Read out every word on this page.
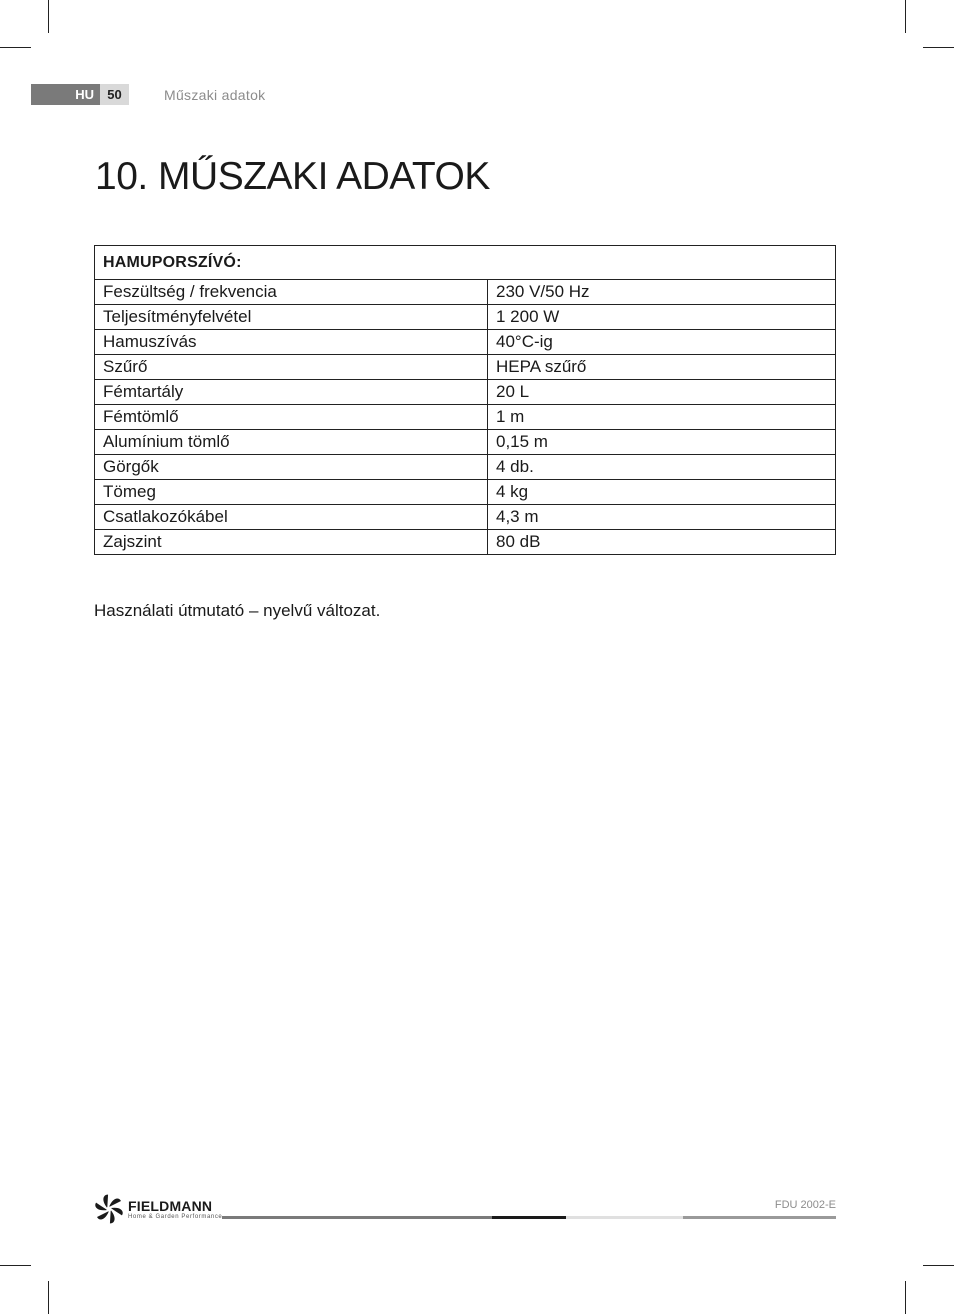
HU	50	Műszaki adatok
10. MŰSZAKI ADATOK
HAMUPORSZÍVÓ:	
Feszültség / frekvencia	230 V/50 Hz
Teljesítményfelvétel	1 200 W
Hamuszívás	40°C-ig
Szűrő	HEPA szűrő
Fémtartály	20 L
Fémtömlő	1 m
Alumínium tömlő	0,15 m
Görgők	4 db.
Tömeg	4 kg
Csatlakozókábel	4,3 m
Zajszint	80 dB
Használati útmutató – nyelvű változat.
FIELDMANN
Home & Garden Performance
FDU 2002-E
